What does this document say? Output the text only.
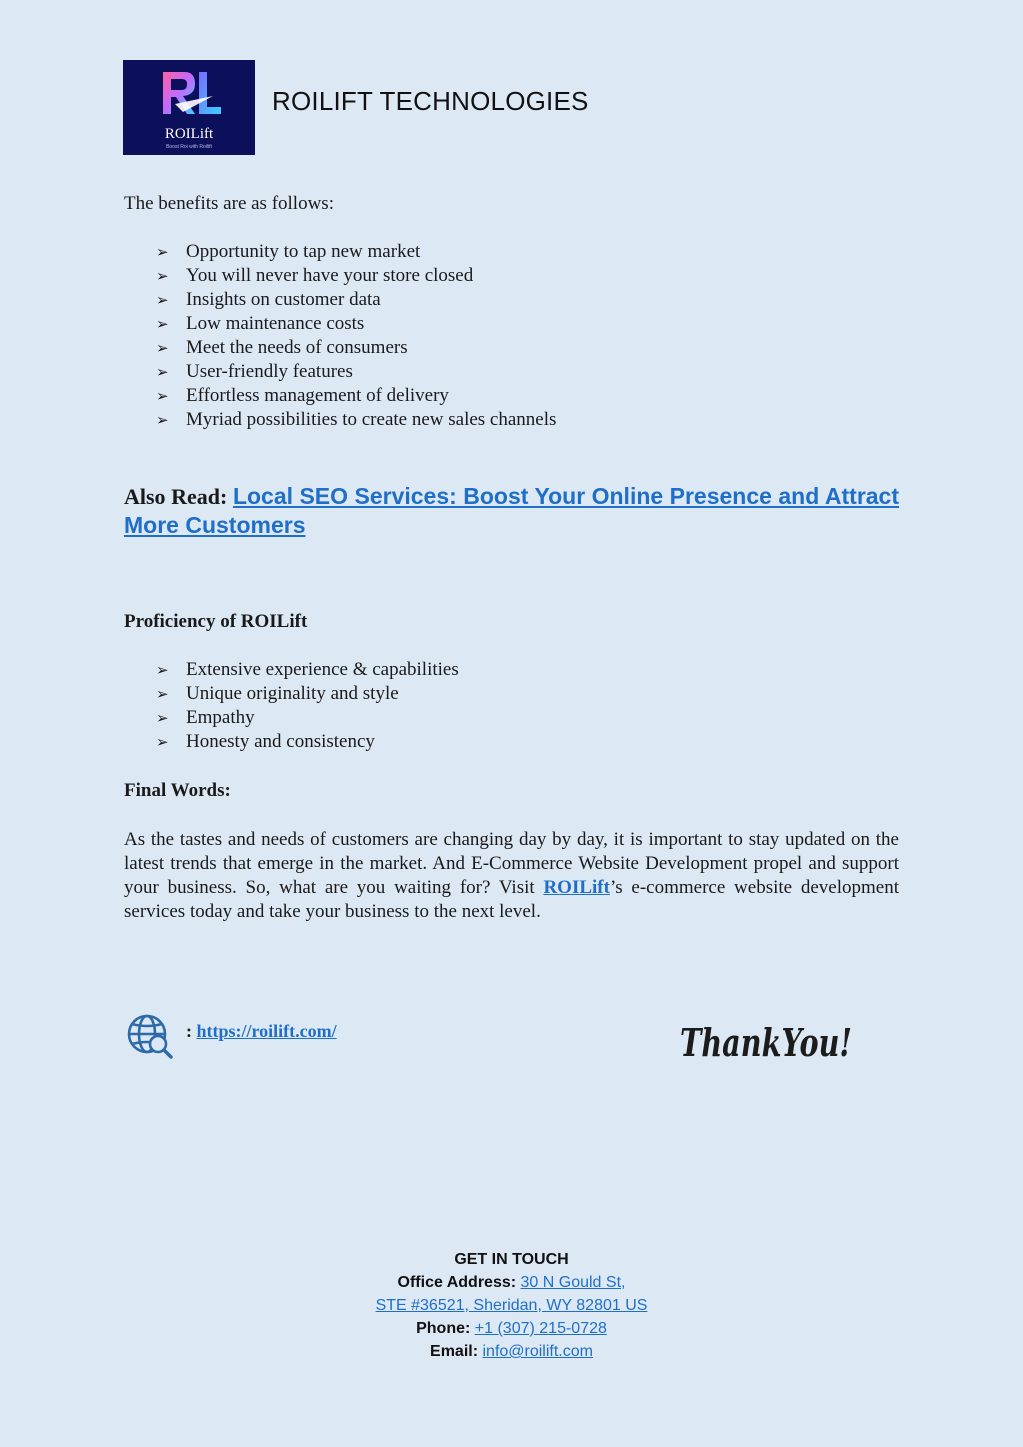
ROILift
Boost Roi with Roilift
ROILIFT TECHNOLOGIES
The benefits are as follows:
➢ Opportunity to tap new market
➢ You will never have your store closed
➢ Insights on customer data
➢ Low maintenance costs
➢ Meet the needs of consumers
➢ User-friendly features
➢ Effortless management of delivery
➢ Myriad possibilities to create new sales channels
Also Read: Local SEO Services: Boost Your Online Presence and Attract More Customers
Proficiency of ROILift
➢ Extensive experience & capabilities
➢ Unique originality and style
➢ Empathy
➢ Honesty and consistency
Final Words:
As the tastes and needs of customers are changing day by day, it is important to stay updated on the latest trends that emerge in the market. And E-Commerce Website Development propel and support your business. So, what are you waiting for? Visit ROILift’s e-commerce website development services today and take your business to the next level.
: https://roilift.com/	ThankYou!
GET IN TOUCH
Office Address: 30 N Gould St,
STE #36521, Sheridan, WY 82801 US
Phone: +1 (307) 215-0728
Email: info@roilift.com
